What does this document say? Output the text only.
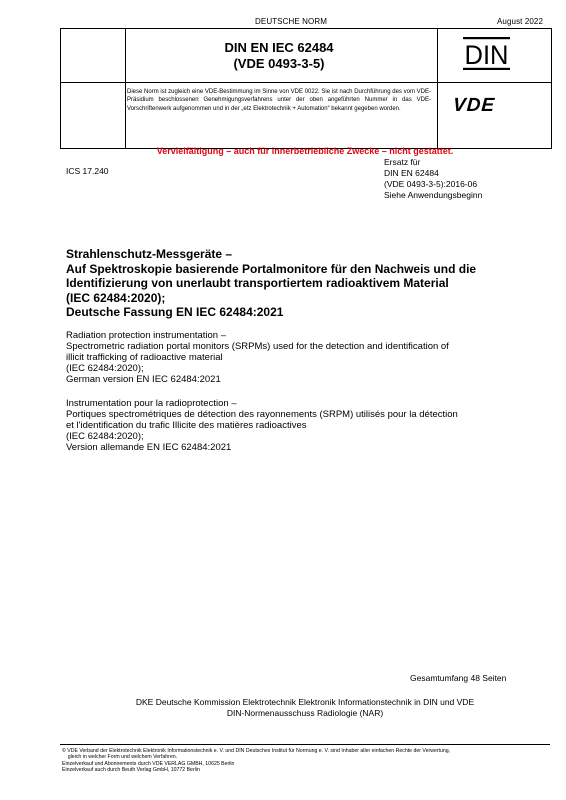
DEUTSCHE NORM	August 2022
DIN EN IEC 62484
(VDE 0493-3-5)
Diese Norm ist zugleich eine VDE-Bestimmung im Sinne von VDE 0022. Sie ist nach Durchführung des vom VDE-Präsidium beschlossenen Genehmigungsverfahrens unter der oben angeführten Nummer in das VDE-Vorschriftenwerk aufgenommen und in der „etz Elektrotechnik + Automation“ bekannt gegeben worden.
DIN
VDE
Vervielfältigung – auch für innerbetriebliche Zwecke – nicht gestattet.
ICS 17.240
Ersatz für
DIN EN 62484
(VDE 0493-3-5):2016-06
Siehe Anwendungsbeginn
Strahlenschutz-Messgeräte –
Auf Spektroskopie basierende Portalmonitore für den Nachweis und die
Identifizierung von unerlaubt transportiertem radioaktivem Material
(IEC 62484:2020);
Deutsche Fassung EN IEC 62484:2021
Radiation protection instrumentation –
Spectrometric radiation portal monitors (SRPMs) used for the detection and identification of
illicit trafficking of radioactive material
(IEC 62484:2020);
German version EN IEC 62484:2021
Instrumentation pour la radioprotection –
Portiques spectrométriques de détection des rayonnements (SRPM) utilisés pour la détection
et l'identification du trafic Illicite des matières radioactives
(IEC 62484:2020);
Version allemande EN IEC 62484:2021
Gesamtumfang 48 Seiten
DKE Deutsche Kommission Elektrotechnik Elektronik Informationstechnik in DIN und VDE
DIN-Normenausschuss Radiologie (NAR)
© VDE Verband der Elektrotechnik Elektronik Informationstechnik e. V. und DIN Deutsches Institut für Normung e. V. sind Inhaber aller einfachen Rechte der Verwertung,
gleich in welcher Form und welchem Verfahren.
Einzelverkauf und Abonnements durch VDE VERLAG GMBH, 10625 Berlin
Einzelverkauf auch durch Beuth Verlag GmbH, 10772 Berlin
